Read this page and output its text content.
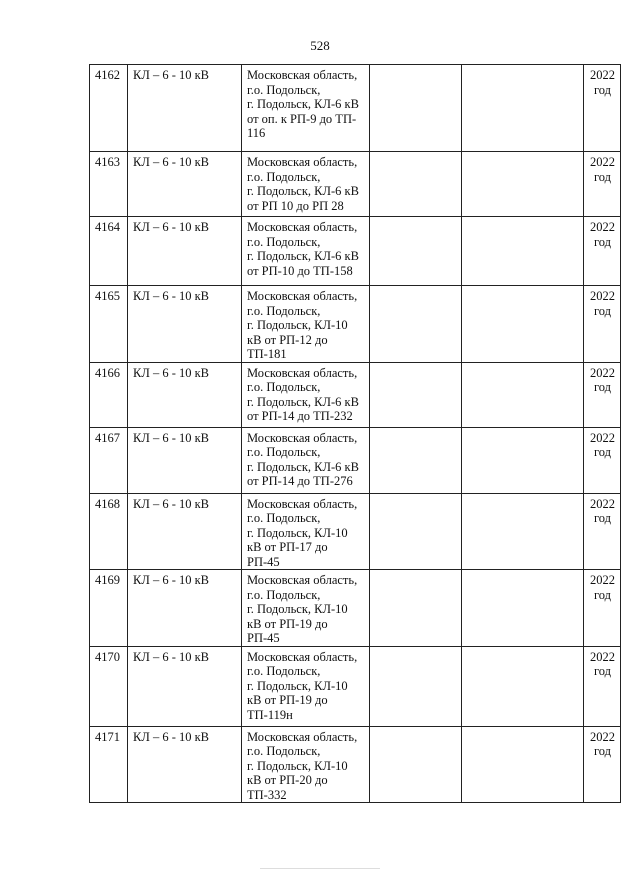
528
4162	КЛ – 6 - 10 кВ	Московская область,
г.о. Подольск,
г. Подольск, КЛ-6 кВ
от оп. к РП-9 до ТП-
116			2022
год

4163	КЛ – 6 - 10 кВ	Московская область,
г.о. Подольск,
г. Подольск, КЛ-6 кВ
от РП 10 до РП 28			2022
год

4164	КЛ – 6 - 10 кВ	Московская область,
г.о. Подольск,
г. Подольск, КЛ-6 кВ
от РП-10 до ТП-158			2022
год

4165	КЛ – 6 - 10 кВ	Московская область,
г.о. Подольск,
г. Подольск, КЛ-10
кВ от РП-12 до
ТП-181			2022
год

4166	КЛ – 6 - 10 кВ	Московская область,
г.о. Подольск,
г. Подольск, КЛ-6 кВ
от РП-14 до ТП-232			2022
год

4167	КЛ – 6 - 10 кВ	Московская область,
г.о. Подольск,
г. Подольск, КЛ-6 кВ
от РП-14 до ТП-276			2022
год

4168	КЛ – 6 - 10 кВ	Московская область,
г.о. Подольск,
г. Подольск, КЛ-10
кВ от РП-17 до
РП-45			2022
год

4169	КЛ – 6 - 10 кВ	Московская область,
г.о. Подольск,
г. Подольск, КЛ-10
кВ от РП-19 до
РП-45			2022
год

4170	КЛ – 6 - 10 кВ	Московская область,
г.о. Подольск,
г. Подольск, КЛ-10
кВ от РП-19 до
ТП-119н			2022
год

4171	КЛ – 6 - 10 кВ	Московская область,
г.о. Подольск,
г. Подольск, КЛ-10
кВ от РП-20 до
ТП-332			2022
год
